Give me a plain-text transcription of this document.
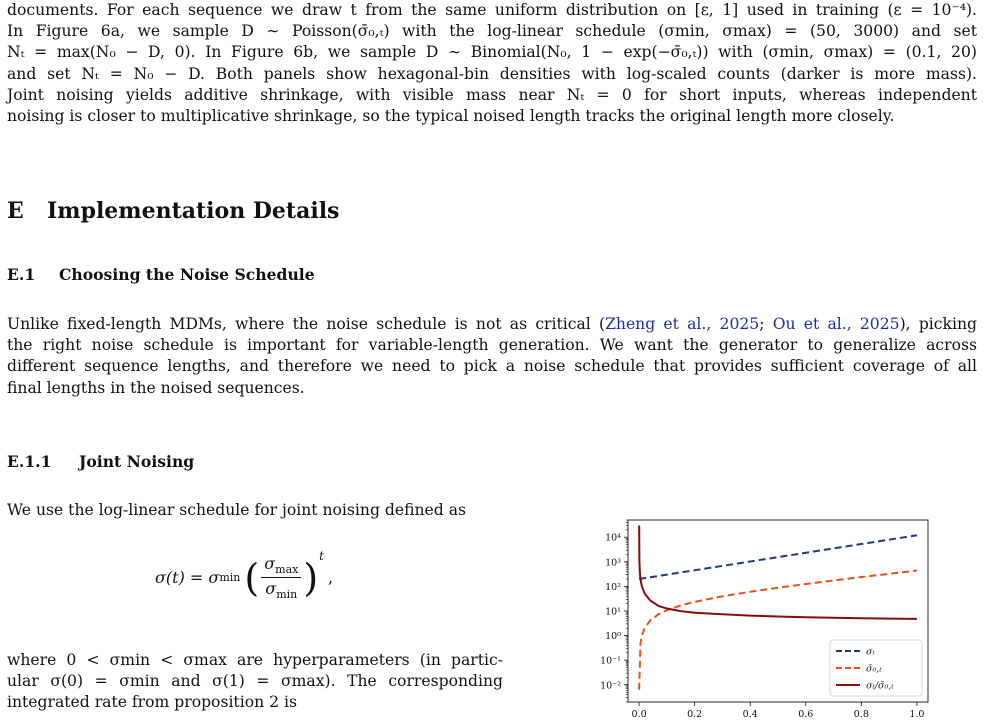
documents. For each sequence we draw t from the same uniform distribution on [ε, 1] used in training (ε = 10⁻⁴).
In Figure 6a, we sample D ∼ Poisson(σ̄₀,ₜ) with the log-linear schedule (σmin, σmax) = (50, 3000) and set
Nₜ = max(N₀ − D, 0). In Figure 6b, we sample D ∼ Binomial(N₀, 1 − exp(−σ̄₀,ₜ)) with (σmin, σmax) = (0.1, 20)
and set Nₜ = N₀ − D. Both panels show hexagonal-bin densities with log-scaled counts (darker is more mass).
Joint noising yields additive shrinkage, with visible mass near Nₜ = 0 for short inputs, whereas independent
noising is closer to multiplicative shrinkage, so the typical noised length tracks the original length more closely.

E Implementation Details
E.1 Choosing the Noise Schedule

Unlike fixed-length MDMs, where the noise schedule is not as critical (Zheng et al., 2025; Ou et al., 2025), picking
the right noise schedule is important for variable-length generation. We want the generator to generalize across
different sequence lengths, and therefore we need to pick a noise schedule that provides sufficient coverage of all
final lengths in the noised sequences.

E.1.1 Joint Noising

We use the log-linear schedule for joint noising defined as

σ(t) = σ min ( $\frac{\sigma_{max}}{\sigma_{min}}$ ) t
,

where 0 < σmin < σmax are hyperparameters (in partic-
ular σ(0) = σmin and σ(1) = σmax). The corresponding
integrated rate from proposition 2 is

0.0	0.2	0.4	0.6	0.8	1.0
10⁴
10³
10²
10¹
10⁰
10⁻¹
10⁻²
σₜ
σ̄₀,ₜ
σₜ/σ̄₀,ₜ
